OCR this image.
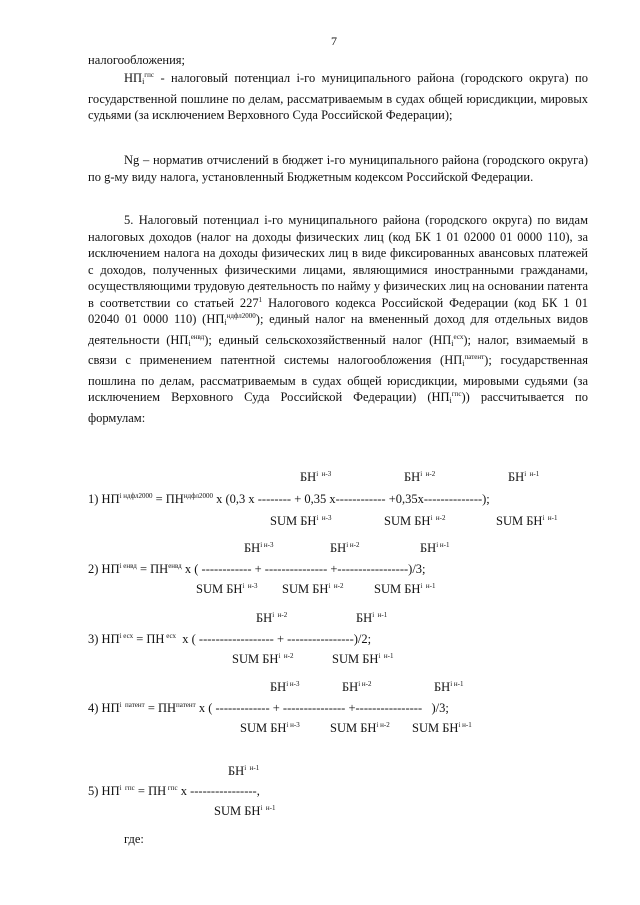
7

налогообложения;

НПi$^{гпс}$ - налоговый потенциал i-го муниципального района (городского округа) по государственной пошлине по делам, рассматриваемым в судах общей юрисдикции, мировых судьями (за исключением Верховного Суда Российской Федерации);

Ng – норматив отчислений в бюджет i-го муниципального района (городского округа) по g-му виду налога, установленный Бюджетным кодексом Российской Федерации.

5. Налоговый потенциал i-го муниципального района (городского округа) по видам налоговых доходов (налог на доходы физических лиц (код БК 1 01 02000 01 0000 110), за исключением налога на доходы физических лиц в виде фиксированных авансовых платежей с доходов, полученных физическими лицами, являющимися иностранными гражданами, осуществляющими трудовую деятельность по найму у физических лиц на основании патента в соответствии со статьей $227^1$ Налогового кодекса Российской Федерации (код БК 1 01 02040 01 0000 110) (НПi$^{ндфл2000}$); единый налог на вмененный доход для отдельных видов деятельности (НПi$^{енвд}$); единый сельскохозяйственный налог (НПi$^{есх}$); налог, взимаемый в связи с применением патентной системы налогообложения (НПi$^{патент}$); государственная пошлина по делам, рассматриваемым в судах общей юрисдикции, мировыми судьями (за исключением Верховного Суда Российской Федерации) (НПi$^{гпс}$)) рассчитывается по формулам:

$БН^{i н-3}$	$БН^{i н-2}$	$БН^{i н-1}$
1) $НП^{i ндфл2000} = ПН^{ндфл2000}$ х (0,3 х -------- + 0,35 х------------ +0,35х--------------);
SUM $БН^{i н-3}$	SUM $БН^{i н-2}$	SUM $БН^{i н-1}$
$БН^{i н-3}$	$БН^{i н-2}$	$БН^{i н-1}$
2) $НП^{i енвд} = ПН^{енвд}$ х ( ------------ + --------------- +-----------------)/3;
SUM $БН^{i н-3}$ SUM $БН^{i н-2}$ SUM $БН^{i н-1}$
$БН^{i н-2}$	$БН^{i н-1}$
3) $НП^{i есх}$ = ПН $^{есх}$  х ( ------------------ + ----------------)/2;
SUM $БН^{i н-2}$	SUM $БН^{i н-1}$
$БН^{i н-3}$	$БН^{i н-2}$	$БН^{i н-1}$
4) $НП^{i патент} = ПН^{патент}$ х ( ------------- + --------------- +----------------   )/3;
SUM $БН^{i н-3}$ SUM $БН^{i н-2}$ SUM $БН^{i н-1}$
$БН^{i н-1}$
5) $НП^{i гпс}$ = ПН $^{гпс}$ х ----------------,
SUM $БН^{i н-1}$
где:
